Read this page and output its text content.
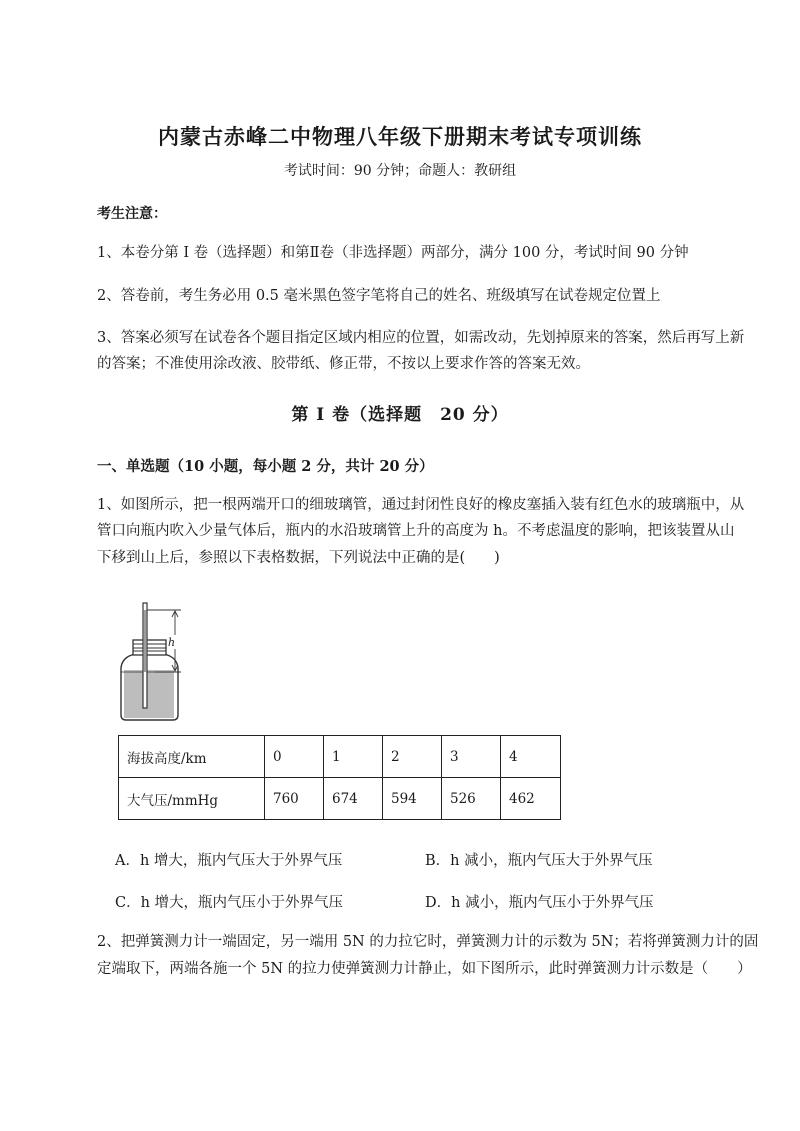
内蒙古赤峰二中物理八年级下册期末考试专项训练
考试时间：90 分钟；命题人：教研组
考生注意：
1、本卷分第 I 卷（选择题）和第Ⅱ卷（非选择题）两部分，满分 100 分，考试时间 90 分钟
2、答卷前，考生务必用 0.5 毫米黑色签字笔将自己的姓名、班级填写在试卷规定位置上
3、答案必须写在试卷各个题目指定区域内相应的位置，如需改动，先划掉原来的答案，然后再写上新
的答案；不准使用涂改液、胶带纸、修正带，不按以上要求作答的答案无效。
第 I 卷（选择题　20 分）
一、单选题（10 小题，每小题 2 分，共计 20 分）
1、如图所示，把一根两端开口的细玻璃管，通过封闭性良好的橡皮塞插入装有红色水的玻璃瓶中，从
管口向瓶内吹入少量气体后，瓶内的水沿玻璃管上升的高度为 h。不考虑温度的影响，把该装置从山
下移到山上后，参照以下表格数据，下列说法中正确的是(　　)
h
海拔高度/km	0	1	2	3	4
大气压/mmHg	760	674	594	526	462
A．h 增大，瓶内气压大于外界气压	B．h 减小，瓶内气压大于外界气压
C．h 增大，瓶内气压小于外界气压	D．h 减小，瓶内气压小于外界气压
2、把弹簧测力计一端固定，另一端用 5N 的力拉它时，弹簧测力计的示数为 5N；若将弹簧测力计的固
定端取下，两端各施一个 5N 的拉力使弹簧测力计静止，如下图所示，此时弹簧测力计示数是（　　）
